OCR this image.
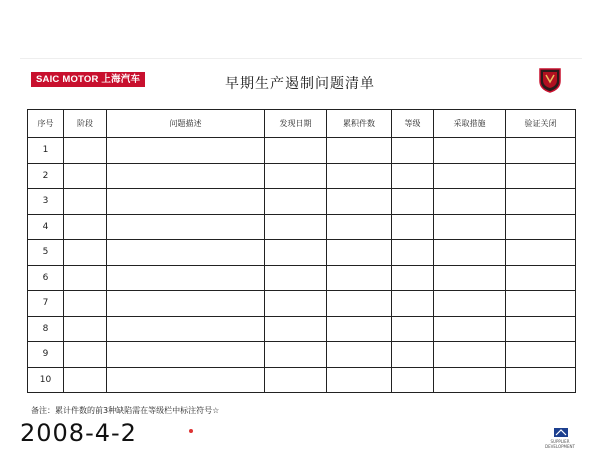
SAIC MOTOR 上海汽车	早期生产遏制问题清单
序号	阶段	问题描述	发现日期	累积件数	等级	采取措施	验证关闭
1							
2							
3							
4							
5							
6							
7							
8							
9							
10							
备注：累计件数的前3种缺陷需在等级栏中标注符号☆
2008-4-2	SUPPLIER DEVELOPMENT
